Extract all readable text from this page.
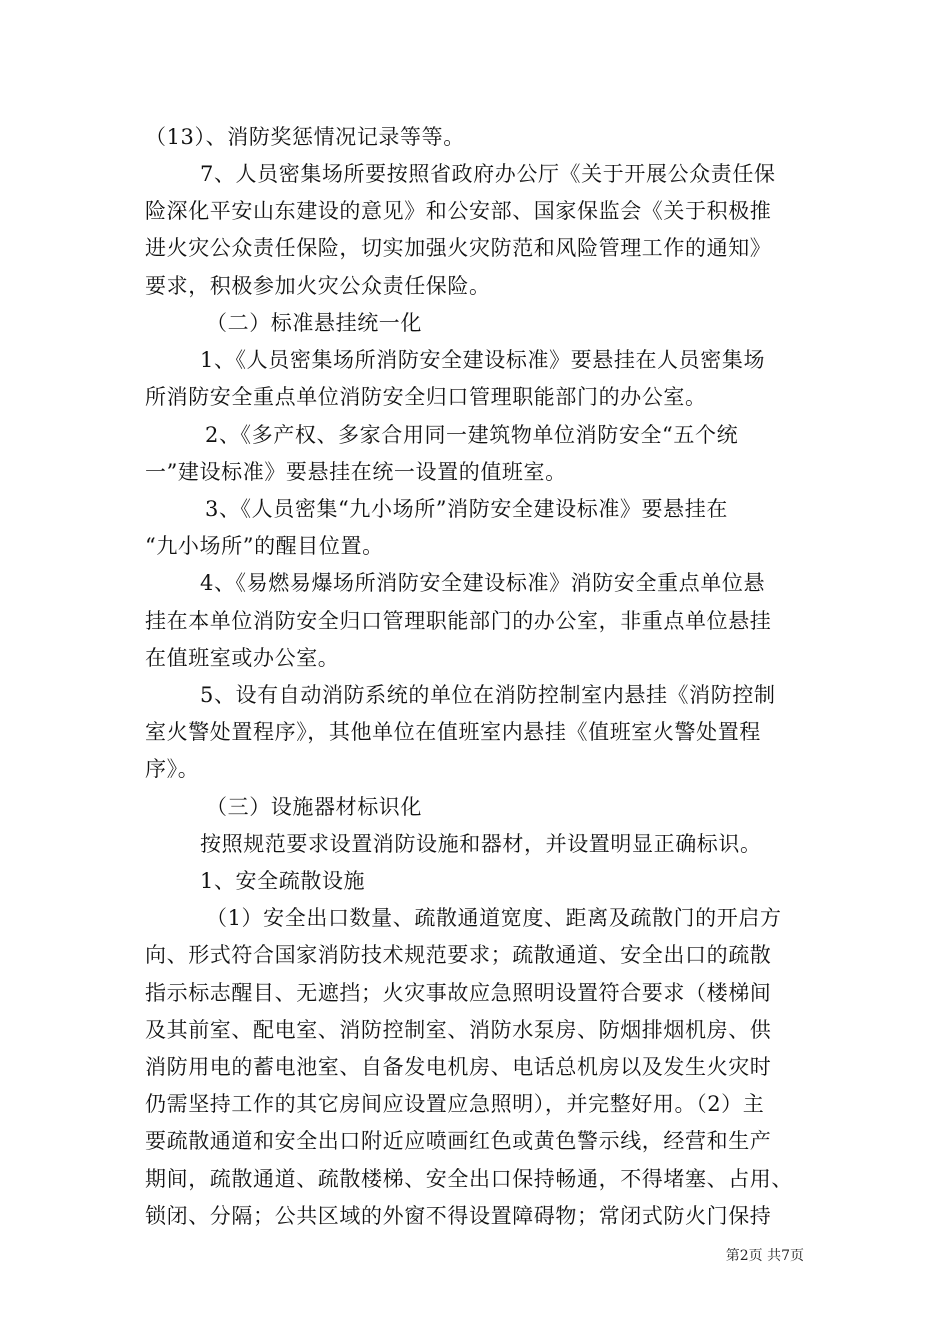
（13）、消防奖惩情况记录等等。
7、人员密集场所要按照省政府办公厅《关于开展公众责任保
险深化平安山东建设的意见》和公安部、国家保监会《关于积极推
进火灾公众责任保险，切实加强火灾防范和风险管理工作的通知》
要求，积极参加火灾公众责任保险。
（二）标准悬挂统一化
1、《人员密集场所消防安全建设标准》要悬挂在人员密集场
所消防安全重点单位消防安全归口管理职能部门的办公室。
2、《多产权、多家合用同一建筑物单位消防安全“五个统
一”建设标准》要悬挂在统一设置的值班室。
3、《人员密集“九小场所”消防安全建设标准》要悬挂在
“九小场所”的醒目位置。
4、《易燃易爆场所消防安全建设标准》消防安全重点单位悬
挂在本单位消防安全归口管理职能部门的办公室，非重点单位悬挂
在值班室或办公室。
5、设有自动消防系统的单位在消防控制室内悬挂《消防控制
室火警处置程序》，其他单位在值班室内悬挂《值班室火警处置程
序》。
（三）设施器材标识化
按照规范要求设置消防设施和器材，并设置明显正确标识。
1、安全疏散设施
（1）安全出口数量、疏散通道宽度、距离及疏散门的开启方
向、形式符合国家消防技术规范要求；疏散通道、安全出口的疏散
指示标志醒目、无遮挡；火灾事故应急照明设置符合要求（楼梯间
及其前室、配电室、消防控制室、消防水泵房、防烟排烟机房、供
消防用电的蓄电池室、自备发电机房、电话总机房以及发生火灾时
仍需坚持工作的其它房间应设置应急照明），并完整好用。（2）主
要疏散通道和安全出口附近应喷画红色或黄色警示线，经营和生产
期间，疏散通道、疏散楼梯、安全出口保持畅通，不得堵塞、占用、
锁闭、分隔；公共区域的外窗不得设置障碍物；常闭式防火门保持
第2页 共7页
